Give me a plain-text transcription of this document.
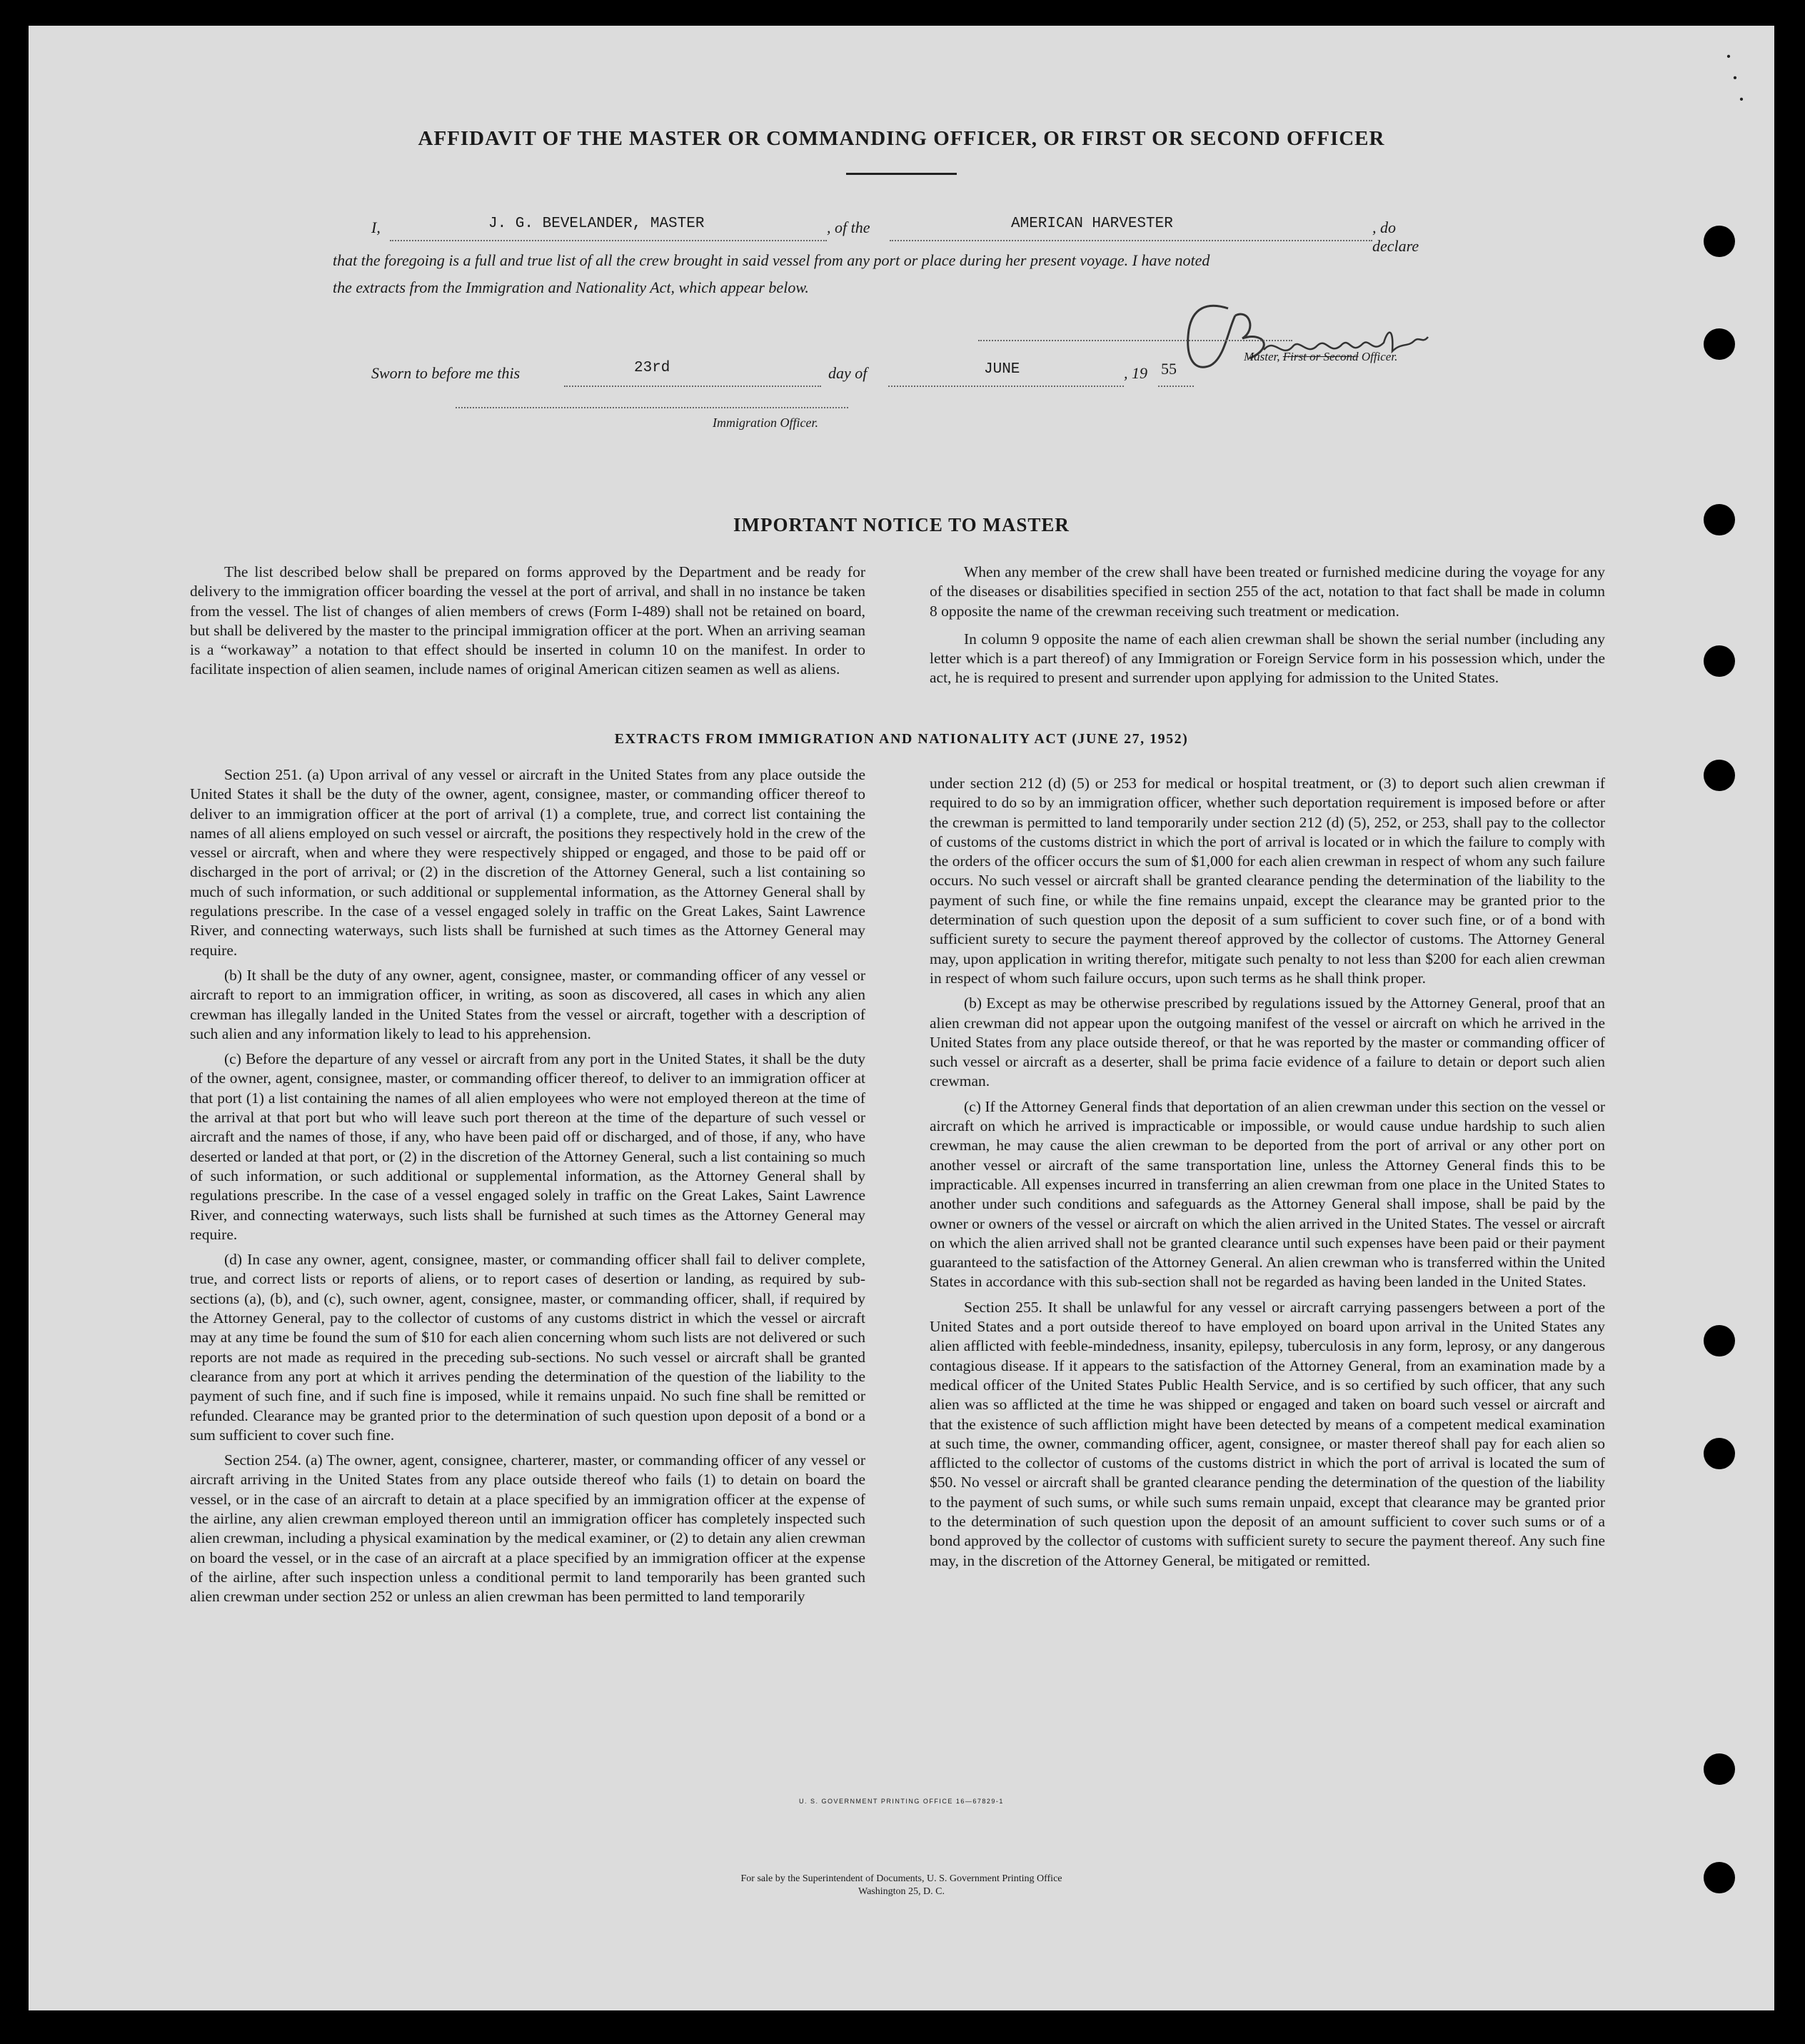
·
·
·
AFFIDAVIT OF THE MASTER OR COMMANDING OFFICER, OR FIRST OR SECOND OFFICER
I,	J. G. BEVELANDER, MASTER	, of the	AMERICAN HARVESTER	, do declare

that the foregoing is a full and true list of all the crew brought in said vessel from any port or place during her present voyage. I have noted

the extracts from the Immigration and Nationality Act, which appear below.

Master, First or Second Officer.
Sworn to before me this	23rd	day of	JUNE	, 19 55
Immigration Officer.
IMPORTANT NOTICE TO MASTER

The list described below shall be prepared on forms approved by the Department and be ready for delivery to the immigration officer boarding the vessel at the port of arrival, and shall in no instance be taken from the vessel. The list of changes of alien members of crews (Form I-489) shall not be retained on board, but shall be delivered by the master to the principal immigration officer at the port. When an arriving seaman is a “workaway” a notation to that effect should be inserted in column 10 on the manifest. In order to facilitate inspection of alien seamen, include names of original American citizen seamen as well as aliens.

When any member of the crew shall have been treated or furnished medicine during the voyage for any of the diseases or disabilities specified in section 255 of the act, notation to that fact shall be made in column 8 opposite the name of the crewman receiving such treatment or medication.

In column 9 opposite the name of each alien crewman shall be shown the serial number (including any letter which is a part thereof) of any Immigration or Foreign Service form in his possession which, under the act, he is required to present and surrender upon applying for admission to the United States.

EXTRACTS FROM IMMIGRATION AND NATIONALITY ACT (JUNE 27, 1952)

Section 251. (a) Upon arrival of any vessel or aircraft in the United States from any place outside the United States it shall be the duty of the owner, agent, consignee, master, or commanding officer thereof to deliver to an immigration officer at the port of arrival (1) a complete, true, and correct list containing the names of all aliens employed on such vessel or aircraft, the positions they respectively hold in the crew of the vessel or aircraft, when and where they were respectively shipped or engaged, and those to be paid off or discharged in the port of arrival; or (2) in the discretion of the Attorney General, such a list containing so much of such information, or such additional or supplemental information, as the Attorney General shall by regulations prescribe. In the case of a vessel engaged solely in traffic on the Great Lakes, Saint Lawrence River, and connecting waterways, such lists shall be furnished at such times as the Attorney General may require.

(b) It shall be the duty of any owner, agent, consignee, master, or commanding officer of any vessel or aircraft to report to an immigration officer, in writing, as soon as discovered, all cases in which any alien crewman has illegally landed in the United States from the vessel or aircraft, together with a description of such alien and any information likely to lead to his apprehension.

(c) Before the departure of any vessel or aircraft from any port in the United States, it shall be the duty of the owner, agent, consignee, master, or commanding officer thereof, to deliver to an immigration officer at that port (1) a list containing the names of all alien employees who were not employed thereon at the time of the arrival at that port but who will leave such port thereon at the time of the departure of such vessel or aircraft and the names of those, if any, who have been paid off or discharged, and of those, if any, who have deserted or landed at that port, or (2) in the discretion of the Attorney General, such a list containing so much of such information, or such additional or supplemental information, as the Attorney General shall by regulations prescribe. In the case of a vessel engaged solely in traffic on the Great Lakes, Saint Lawrence River, and connecting waterways, such lists shall be furnished at such times as the Attorney General may require.

(d) In case any owner, agent, consignee, master, or commanding officer shall fail to deliver complete, true, and correct lists or reports of aliens, or to report cases of desertion or landing, as required by sub-sections (a), (b), and (c), such owner, agent, consignee, master, or commanding officer, shall, if required by the Attorney General, pay to the collector of customs of any customs district in which the vessel or aircraft may at any time be found the sum of $10 for each alien concerning whom such lists are not delivered or such reports are not made as required in the preceding sub-sections. No such vessel or aircraft shall be granted clearance from any port at which it arrives pending the determination of the question of the liability to the payment of such fine, and if such fine is imposed, while it remains unpaid. No such fine shall be remitted or refunded. Clearance may be granted prior to the determination of such question upon deposit of a bond or a sum sufficient to cover such fine.

Section 254. (a) The owner, agent, consignee, charterer, master, or commanding officer of any vessel or aircraft arriving in the United States from any place outside thereof who fails (1) to detain on board the vessel, or in the case of an aircraft to detain at a place specified by an immigration officer at the expense of the airline, any alien crewman employed thereon until an immigration officer has completely inspected such alien crewman, including a physical examination by the medical examiner, or (2) to detain any alien crewman on board the vessel, or in the case of an aircraft at a place specified by an immigration officer at the expense of the airline, after such inspection unless a conditional permit to land temporarily has been granted such alien crewman under section 252 or unless an alien crewman has been permitted to land temporarily

under section 212 (d) (5) or 253 for medical or hospital treatment, or (3) to deport such alien crewman if required to do so by an immigration officer, whether such deportation requirement is imposed before or after the crewman is permitted to land temporarily under section 212 (d) (5), 252, or 253, shall pay to the collector of customs of the customs district in which the port of arrival is located or in which the failure to comply with the orders of the officer occurs the sum of $1,000 for each alien crewman in respect of whom any such failure occurs. No such vessel or aircraft shall be granted clearance pending the determination of the liability to the payment of such fine, or while the fine remains unpaid, except the clearance may be granted prior to the determination of such question upon the deposit of a sum sufficient to cover such fine, or of a bond with sufficient surety to secure the payment thereof approved by the collector of customs. The Attorney General may, upon application in writing therefor, mitigate such penalty to not less than $200 for each alien crewman in respect of whom such failure occurs, upon such terms as he shall think proper.

(b) Except as may be otherwise prescribed by regulations issued by the Attorney General, proof that an alien crewman did not appear upon the outgoing manifest of the vessel or aircraft on which he arrived in the United States from any place outside thereof, or that he was reported by the master or commanding officer of such vessel or aircraft as a deserter, shall be prima facie evidence of a failure to detain or deport such alien crewman.

(c) If the Attorney General finds that deportation of an alien crewman under this section on the vessel or aircraft on which he arrived is impracticable or impossible, or would cause undue hardship to such alien crewman, he may cause the alien crewman to be deported from the port of arrival or any other port on another vessel or aircraft of the same transportation line, unless the Attorney General finds this to be impracticable. All expenses incurred in transferring an alien crewman from one place in the United States to another under such conditions and safeguards as the Attorney General shall impose, shall be paid by the owner or owners of the vessel or aircraft on which the alien arrived in the United States. The vessel or aircraft on which the alien arrived shall not be granted clearance until such expenses have been paid or their payment guaranteed to the satisfaction of the Attorney General. An alien crewman who is transferred within the United States in accordance with this sub-section shall not be regarded as having been landed in the United States.

Section 255. It shall be unlawful for any vessel or aircraft carrying passengers between a port of the United States and a port outside thereof to have employed on board upon arrival in the United States any alien afflicted with feeble-mindedness, insanity, epilepsy, tuberculosis in any form, leprosy, or any dangerous contagious disease. If it appears to the satisfaction of the Attorney General, from an examination made by a medical officer of the United States Public Health Service, and is so certified by such officer, that any such alien was so afflicted at the time he was shipped or engaged and taken on board such vessel or aircraft and that the existence of such affliction might have been detected by means of a competent medical examination at such time, the owner, commanding officer, agent, consignee, or master thereof shall pay for each alien so afflicted to the collector of customs of the customs district in which the port of arrival is located the sum of $50. No vessel or aircraft shall be granted clearance pending the determination of the question of the liability to the payment of such sums, or while such sums remain unpaid, except that clearance may be granted prior to the determination of such question upon the deposit of an amount sufficient to cover such sums or of a bond approved by the collector of customs with sufficient surety to secure the payment thereof. Any such fine may, in the discretion of the Attorney General, be mitigated or remitted.

U. S. GOVERNMENT PRINTING OFFICE 16—67829-1
For sale by the Superintendent of Documents, U. S. Government Printing Office
Washington 25, D. C.
